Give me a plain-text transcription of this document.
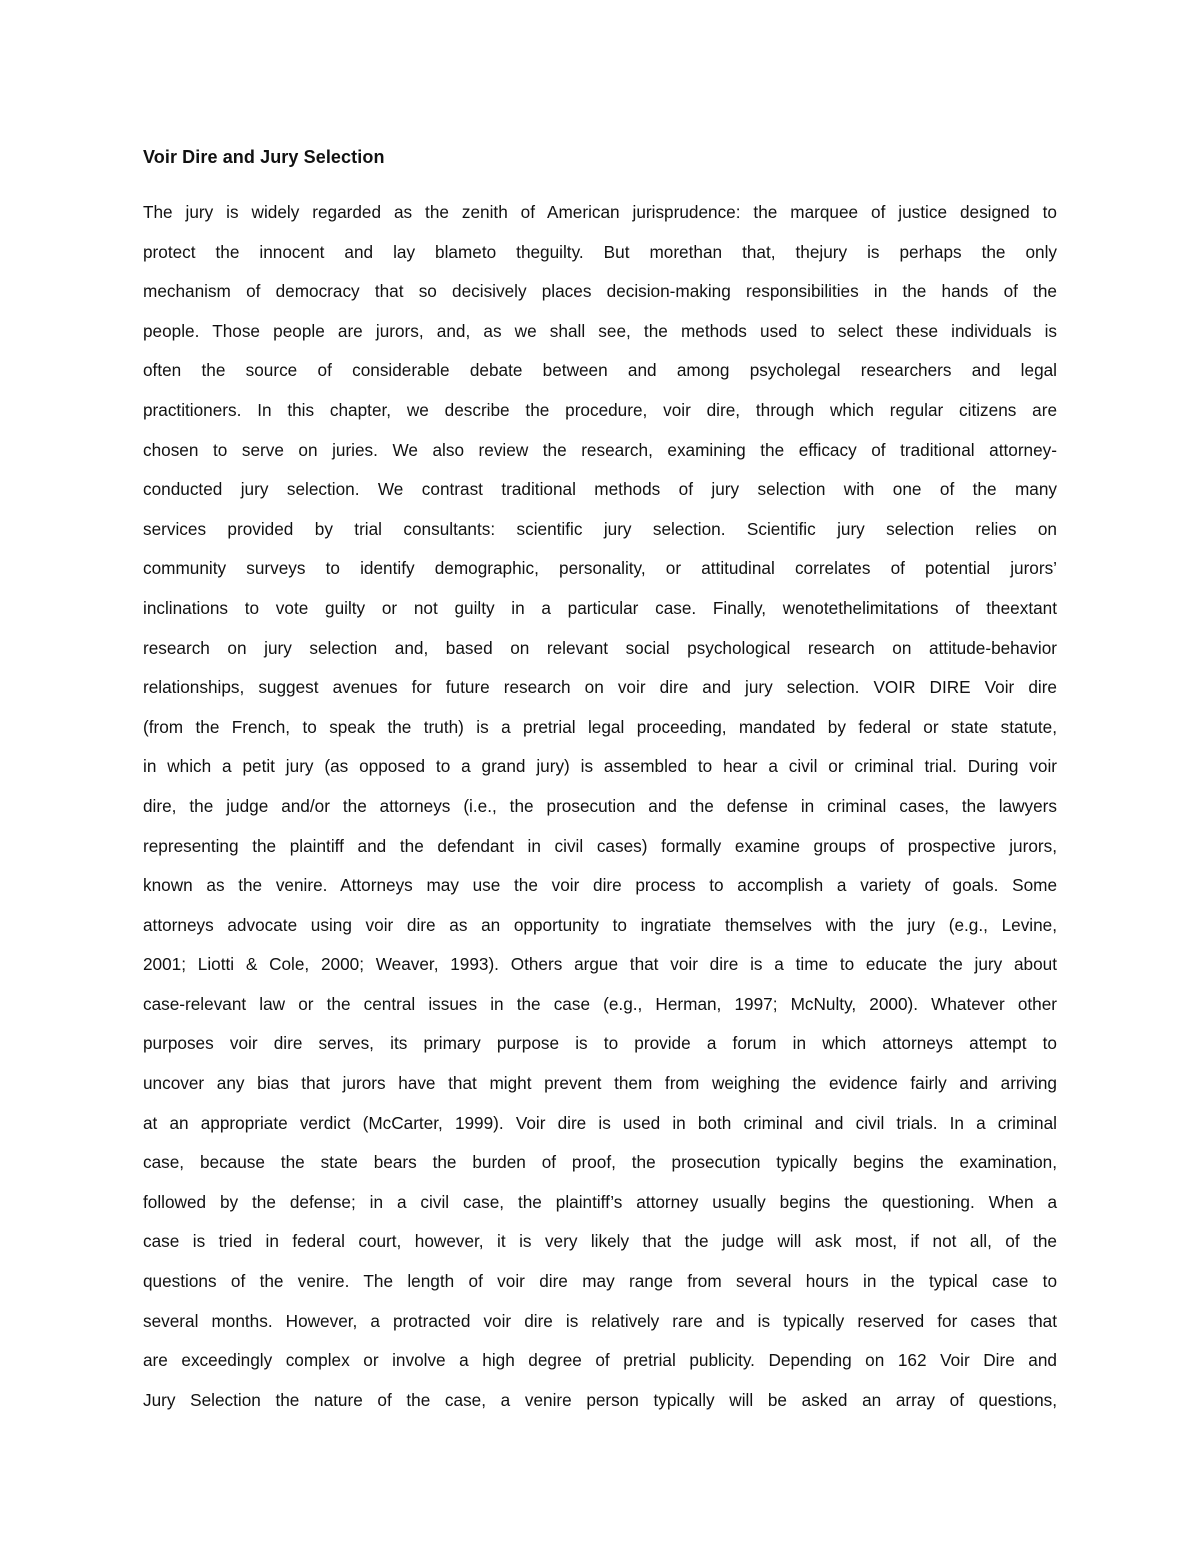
Voir Dire and Jury Selection
The jury is widely regarded as the zenith of American jurisprudence: the marquee of justice designed to
protect the innocent and lay blameto theguilty. But morethan that, thejury is perhaps the only
mechanism of democracy that so decisively places decision-making responsibilities in the hands of the
people. Those people are jurors, and, as we shall see, the methods used to select these individuals is
often the source of considerable debate between and among psycholegal researchers and legal
practitioners. In this chapter, we describe the procedure, voir dire, through which regular citizens are
chosen to serve on juries. We also review the research, examining the efficacy of traditional attorney-
conducted jury selection. We contrast traditional methods of jury selection with one of the many
services provided by trial consultants: scientific jury selection. Scientific jury selection relies on
community surveys to identify demographic, personality, or attitudinal correlates of potential jurors’
inclinations to vote guilty or not guilty in a particular case. Finally, wenotethelimitations of theextant
research on jury selection and, based on relevant social psychological research on attitude-behavior
relationships, suggest avenues for future research on voir dire and jury selection. VOIR DIRE Voir dire
(from the French, to speak the truth) is a pretrial legal proceeding, mandated by federal or state statute,
in which a petit jury (as opposed to a grand jury) is assembled to hear a civil or criminal trial. During voir
dire, the judge and/or the attorneys (i.e., the prosecution and the defense in criminal cases, the lawyers
representing the plaintiff and the defendant in civil cases) formally examine groups of prospective jurors,
known as the venire. Attorneys may use the voir dire process to accomplish a variety of goals. Some
attorneys advocate using voir dire as an opportunity to ingratiate themselves with the jury (e.g., Levine,
2001; Liotti & Cole, 2000; Weaver, 1993). Others argue that voir dire is a time to educate the jury about
case-relevant law or the central issues in the case (e.g., Herman, 1997; McNulty, 2000). Whatever other
purposes voir dire serves, its primary purpose is to provide a forum in which attorneys attempt to
uncover any bias that jurors have that might prevent them from weighing the evidence fairly and arriving
at an appropriate verdict (McCarter, 1999). Voir dire is used in both criminal and civil trials. In a criminal
case, because the state bears the burden of proof, the prosecution typically begins the examination,
followed by the defense; in a civil case, the plaintiff’s attorney usually begins the questioning. When a
case is tried in federal court, however, it is very likely that the judge will ask most, if not all, of the
questions of the venire. The length of voir dire may range from several hours in the typical case to
several months. However, a protracted voir dire is relatively rare and is typically reserved for cases that
are exceedingly complex or involve a high degree of pretrial publicity. Depending on 162 Voir Dire and
Jury Selection the nature of the case, a venire person typically will be asked an array of questions,
